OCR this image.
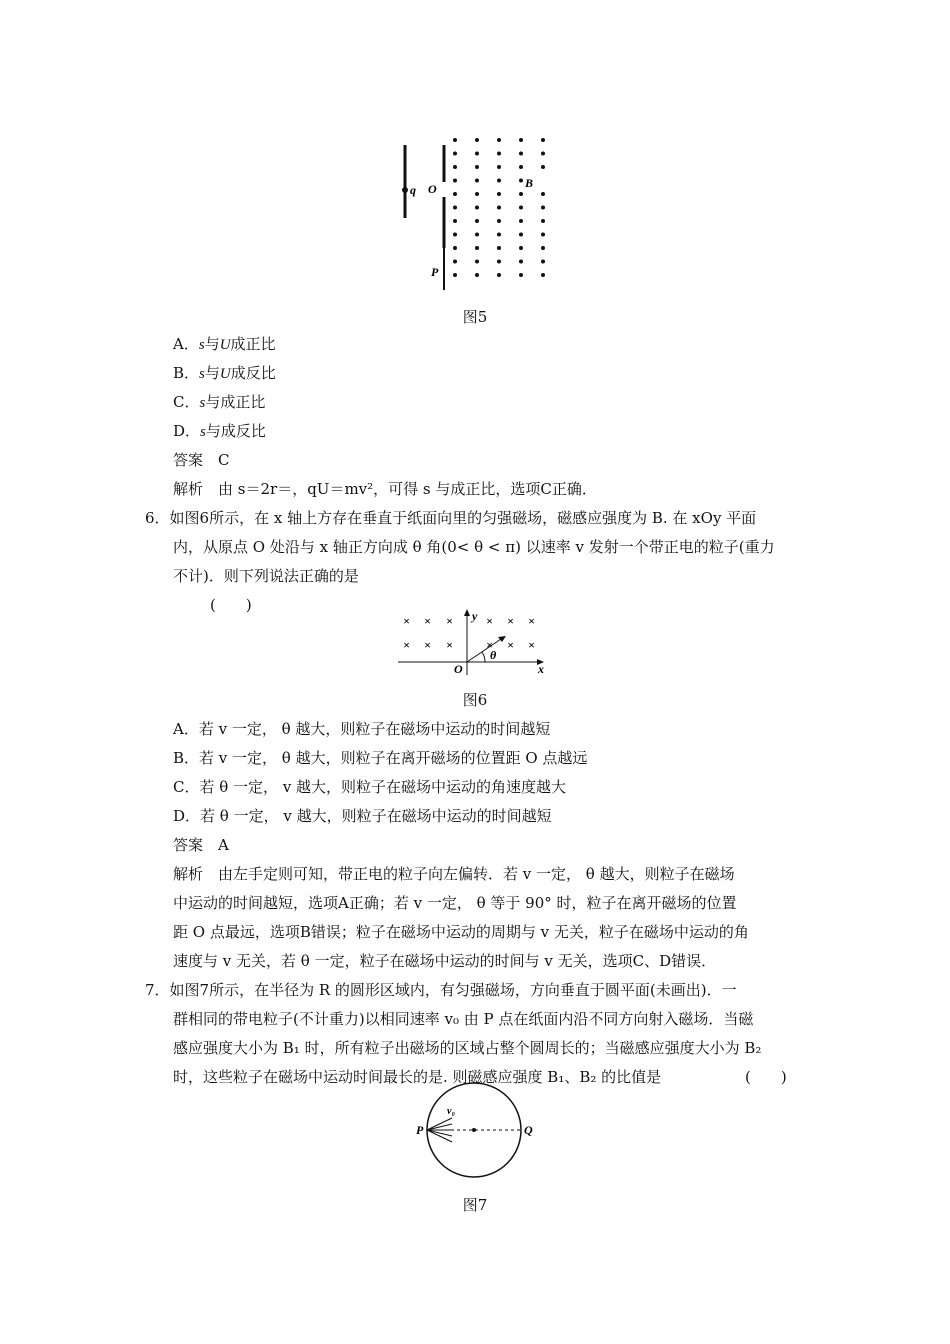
q O
P
B
图5
A．s与U成正比
B．s与U成反比
C．s与成正比
D．s与成反比
答案  C
解析  由 s＝2r＝，qU＝mv²，可得 s 与成正比，选项C正确．
6．如图6所示，在 x 轴上方存在垂直于纸面向里的匀强磁场，磁感应强度为 B. 在 xOy 平面
内，从原点 O 处沿与 x 轴正方向成 θ 角(0< θ < π) 以速率 v 发射一个带正电的粒子(重力
不计)．则下列说法正确的是
(　　)
y
O	x
θ
× × ×	× × ×
× × ×	× × ×
图6
A．若 v 一定， θ 越大，则粒子在磁场中运动的时间越短
B．若 v 一定， θ 越大，则粒子在离开磁场的位置距 O 点越远
C．若 θ 一定， v 越大，则粒子在磁场中运动的角速度越大
D．若 θ 一定， v 越大，则粒子在磁场中运动的时间越短
答案  A
解析　由左手定则可知，带正电的粒子向左偏转．若 v 一定， θ 越大，则粒子在磁场
中运动的时间越短，选项A正确；若 v 一定， θ 等于 90° 时，粒子在离开磁场的位置
距 O 点最远，选项B错误；粒子在磁场中运动的周期与 v 无关，粒子在磁场中运动的角
速度与 v 无关，若 θ 一定，粒子在磁场中运动的时间与 v 无关，选项C、D错误．
7．如图7所示，在半径为 R 的圆形区域内，有匀强磁场，方向垂直于圆平面(未画出)．一
群相同的带电粒子(不计重力)以相同速率 v₀ 由 P 点在纸面内沿不同方向射入磁场．当磁
感应强度大小为 B₁ 时，所有粒子出磁场的区域占整个圆周长的；当磁感应强度大小为 B₂
时，这些粒子在磁场中运动时间最长的是. 则磁感应强度 B₁、B₂ 的比值是	(　　)
P	Q
v₀
图7
